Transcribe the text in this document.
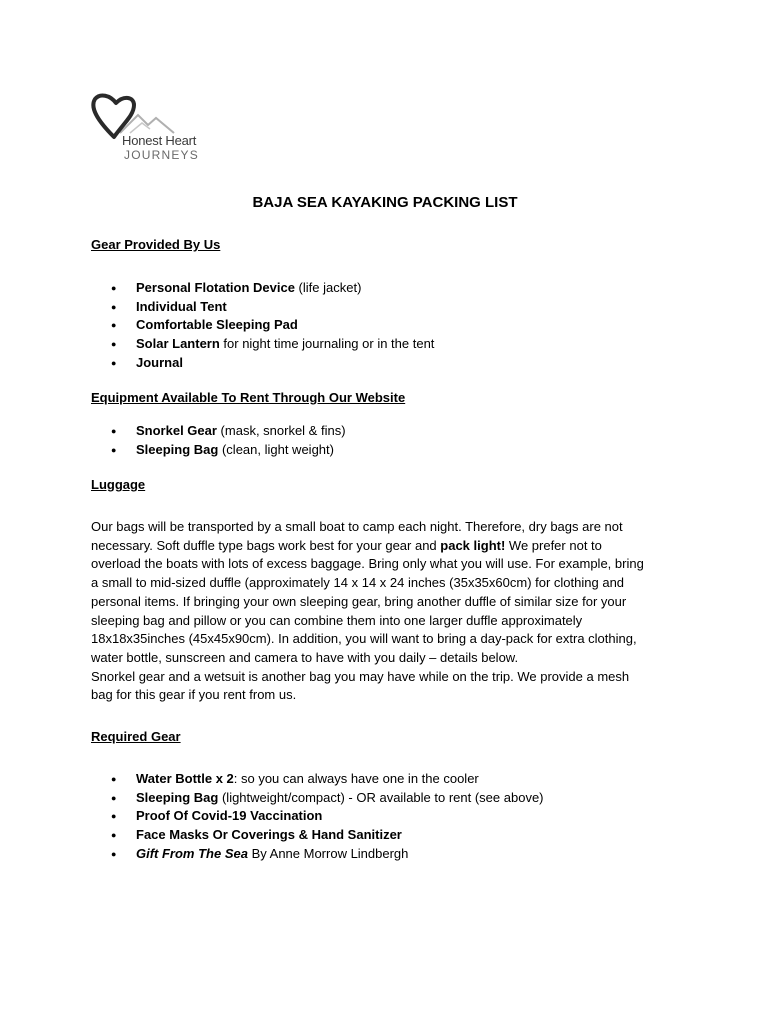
Honest Heart
JOURNEYS
BAJA SEA KAYAKING PACKING LIST
Gear Provided By Us
● Personal Flotation Device (life jacket)
● Individual Tent
● Comfortable Sleeping Pad
● Solar Lantern for night time journaling or in the tent
● Journal
Equipment Available To Rent Through Our Website
● Snorkel Gear (mask, snorkel & fins)
● Sleeping Bag (clean, light weight)
Luggage

Our bags will be transported by a small boat to camp each night. Therefore, dry bags are not
necessary. Soft duffle type bags work best for your gear and pack light! We prefer not to
overload the boats with lots of excess baggage. Bring only what you will use. For example, bring
a small to mid-sized duffle (approximately 14 x 14 x 24 inches (35x35x60cm) for clothing and
personal items. If bringing your own sleeping gear, bring another duffle of similar size for your
sleeping bag and pillow or you can combine them into one larger duffle approximately
18x18x35inches (45x45x90cm). In addition, you will want to bring a day-pack for extra clothing,
water bottle, sunscreen and camera to have with you daily – details below.
Snorkel gear and a wetsuit is another bag you may have while on the trip. We provide a mesh
bag for this gear if you rent from us.

Required Gear
● Water Bottle x 2: so you can always have one in the cooler
● Sleeping Bag (lightweight/compact) - OR available to rent (see above)
● Proof Of Covid-19 Vaccination
● Face Masks Or Coverings & Hand Sanitizer
● Gift From The Sea By Anne Morrow Lindbergh
